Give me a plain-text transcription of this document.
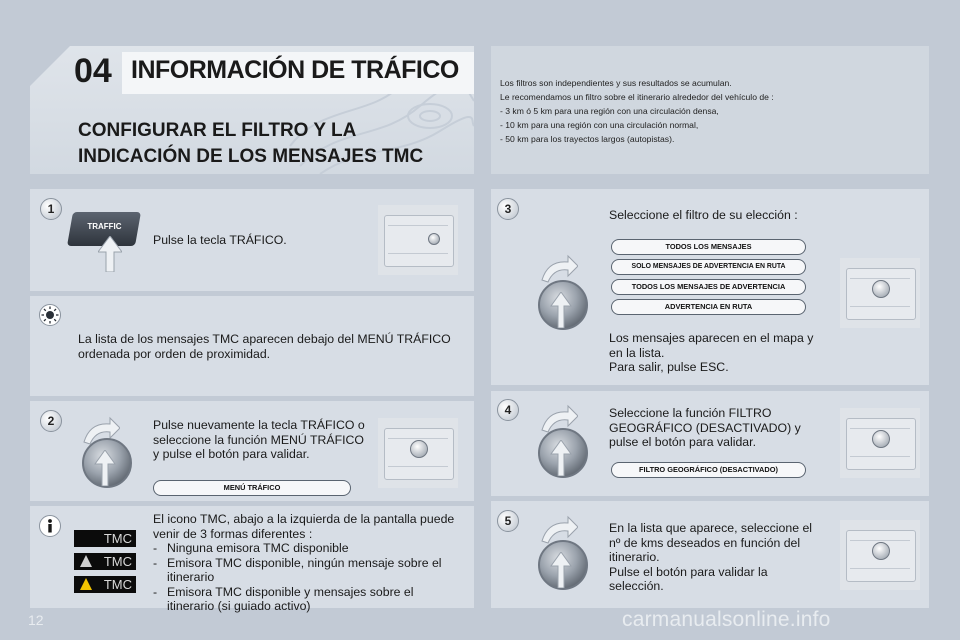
04 INFORMACIÓN DE TRÁFICO
CONFIGURAR EL FILTRO Y LA
INDICACIÓN DE LOS MENSAJES TMC

Los filtros son independientes y sus resultados se acumulan.

Le recomendamos un filtro sobre el itinerario alrededor del vehículo de :

- 3 km ó 5 km para una región con una circulación densa,
- 10 km para una región con una circulación normal,
- 50 km para los trayectos largos (autopistas).
1
TRAFFIC
Pulse la tecla TRÁFICO.
La lista de los mensajes TMC aparecen debajo del MENÚ TRÁFICO ordenada por orden de proximidad.
2	Pulse nuevamente la tecla TRÁFICO o seleccione la función MENÚ TRÁFICO y pulse el botón para validar.
MENÚ TRÁFICO
TMC
TMC
TMC
El icono TMC, abajo a la izquierda de la pantalla puede venir de 3 formas diferentes :
- Ninguna emisora TMC disponible
- Emisora TMC disponible, ningún mensaje sobre el itinerario
- Emisora TMC disponible y mensajes sobre el itinerario (si guiado activo)
3	Seleccione el filtro de su elección :
TODOS LOS MENSAJES
SOLO MENSAJES DE ADVERTENCIA EN RUTA
TODOS LOS MENSAJES DE ADVERTENCIA
ADVERTENCIA EN RUTA
Los mensajes aparecen en el mapa y en la lista.
Para salir, pulse ESC.
4	Seleccione la función FILTRO GEOGRÁFICO (DESACTIVADO) y pulse el botón para validar.
FILTRO GEOGRÁFICO (DESACTIVADO)
5	En la lista que aparece, seleccione el nº de kms deseados en función del itinerario.
Pulse el botón para validar la selección.
12	carmanualsonline.info
